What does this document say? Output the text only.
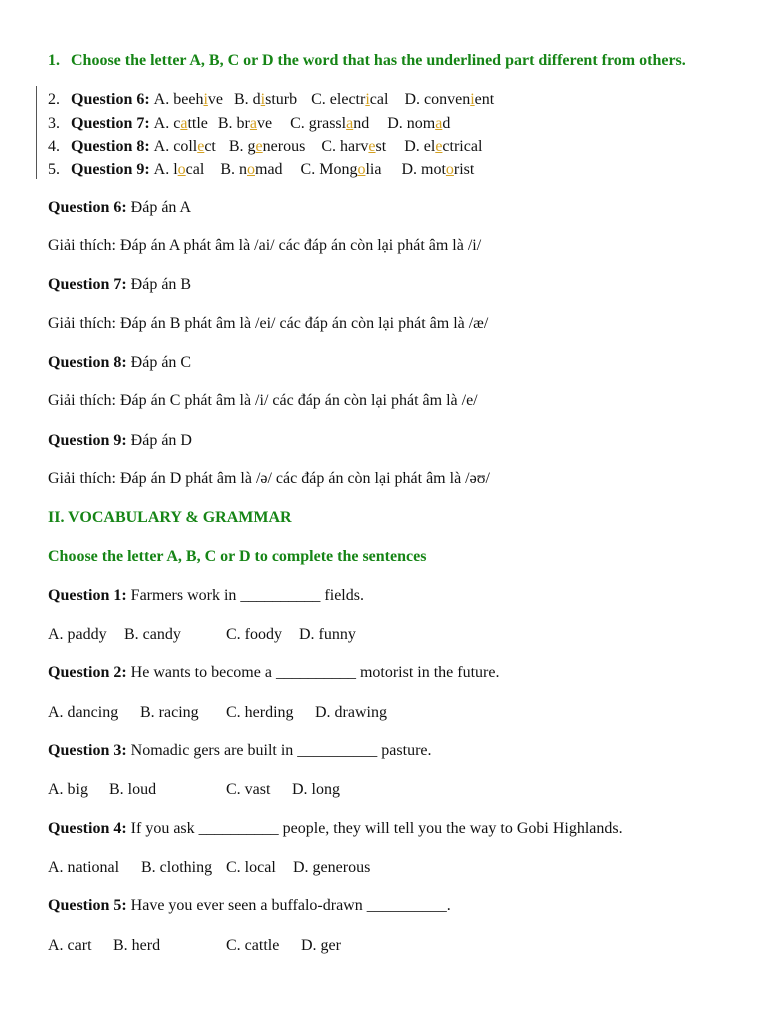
1. Choose the letter A, B, C or D the word that has the underlined part different from others.
2. Question 6: A. beehive B. disturb C. electrical D. convenient
3. Question 7: A. cattle B. brave C. grassland D. nomad
4. Question 8: A. collect B. generous C. harvest D. electrical
5. Question 9: A. local B. nomad C. Mongolia D. motorist
Question 6: Đáp án A
Giải thích: Đáp án A phát âm là /ai/ các đáp án còn lại phát âm là /i/
Question 7: Đáp án B
Giải thích: Đáp án B phát âm là /ei/ các đáp án còn lại phát âm là /æ/
Question 8: Đáp án C
Giải thích: Đáp án C phát âm là /i/ các đáp án còn lại phát âm là /e/
Question 9: Đáp án D
Giải thích: Đáp án D phát âm là /ə/ các đáp án còn lại phát âm là /əʊ/
II. VOCABULARY & GRAMMAR
Choose the letter A, B, C or D to complete the sentences
Question 1: Farmers work in __________ fields.
A. paddy B. candy	C. foody D. funny
Question 2: He wants to become a __________ motorist in the future.
A. dancing B. racing C. herding D. drawing
Question 3: Nomadic gers are built in __________ pasture.
A. big B. loud	C. vast D. long
Question 4: If you ask __________ people, they will tell you the way to Gobi Highlands.
A. national B. clothing C. local D. generous
Question 5: Have you ever seen a buffalo-drawn __________.
A. cart B. herd	C. cattle D. ger
